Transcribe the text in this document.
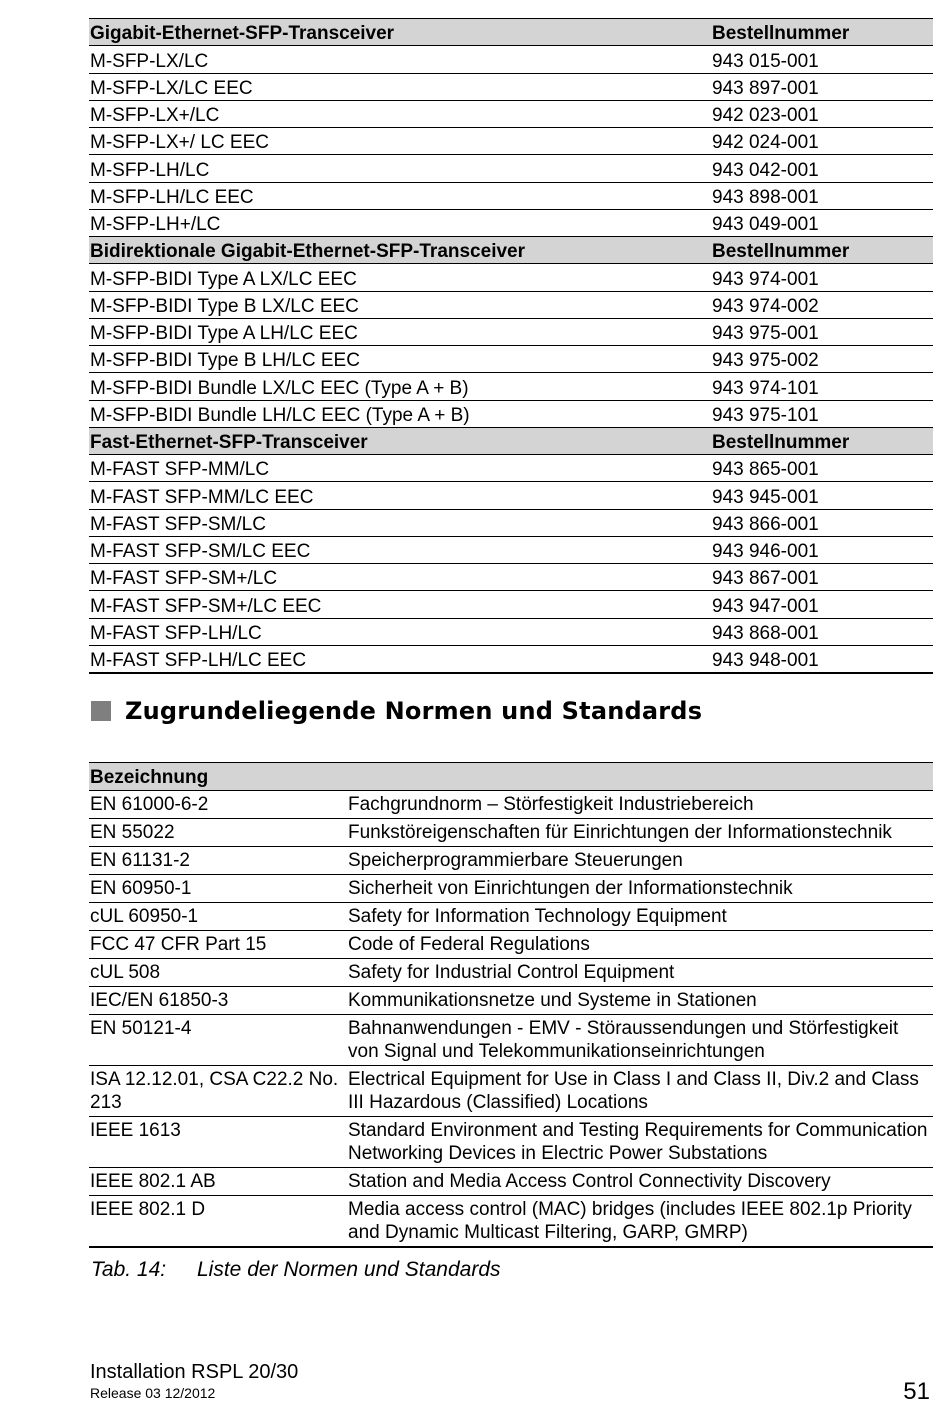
Gigabit-Ethernet-SFP-Transceiver	Bestellnummer
M-SFP-LX/LC	943 015-001
M-SFP-LX/LC EEC	943 897-001
M-SFP-LX+/LC	942 023-001
M-SFP-LX+/ LC EEC	942 024-001
M-SFP-LH/LC	943 042-001
M-SFP-LH/LC EEC	943 898-001
M-SFP-LH+/LC	943 049-001
Bidirektionale Gigabit-Ethernet-SFP-Transceiver	Bestellnummer
M-SFP-BIDI Type A LX/LC EEC	943 974-001
M-SFP-BIDI Type B LX/LC EEC	943 974-002
M-SFP-BIDI Type A LH/LC EEC	943 975-001
M-SFP-BIDI Type B LH/LC EEC	943 975-002
M-SFP-BIDI Bundle LX/LC EEC (Type A + B)	943 974-101
M-SFP-BIDI Bundle LH/LC EEC (Type A + B)	943 975-101
Fast-Ethernet-SFP-Transceiver	Bestellnummer
M-FAST SFP-MM/LC	943 865-001
M-FAST SFP-MM/LC EEC	943 945-001
M-FAST SFP-SM/LC	943 866-001
M-FAST SFP-SM/LC EEC	943 946-001
M-FAST SFP-SM+/LC	943 867-001
M-FAST SFP-SM+/LC EEC	943 947-001
M-FAST SFP-LH/LC	943 868-001
M-FAST SFP-LH/LC EEC	943 948-001
Zugrundeliegende Normen und Standards
Bezeichnung	
EN 61000-6-2	Fachgrundnorm – Störfestigkeit Industriebereich
EN 55022	Funkstöreigenschaften für Einrichtungen der Informationstechnik
EN 61131-2	Speicherprogrammierbare Steuerungen
EN 60950-1	Sicherheit von Einrichtungen der Informationstechnik
cUL 60950-1	Safety for Information Technology Equipment
FCC 47 CFR Part 15	Code of Federal Regulations
cUL 508	Safety for Industrial Control Equipment
IEC/EN 61850-3	Kommunikationsnetze und Systeme in Stationen
EN 50121-4	Bahnanwendungen - EMV - Störaussendungen und Störfestigkeit von Signal und Telekommunikationseinrichtungen
ISA 12.12.01, CSA C22.2 No. 213	Electrical Equipment for Use in Class I and Class II, Div.2 and Class III Hazardous (Classified) Locations
IEEE 1613	Standard Environment and Testing Requirements for Communication Networking Devices in Electric Power Substations
IEEE 802.1 AB	Station and Media Access Control Connectivity Discovery
IEEE 802.1 D	Media access control (MAC) bridges (includes IEEE 802.1p Priority and Dynamic Multicast Filtering, GARP, GMRP)
Tab. 14:	Liste der Normen und Standards
Installation RSPL 20/30
Release 03 12/2012	51
